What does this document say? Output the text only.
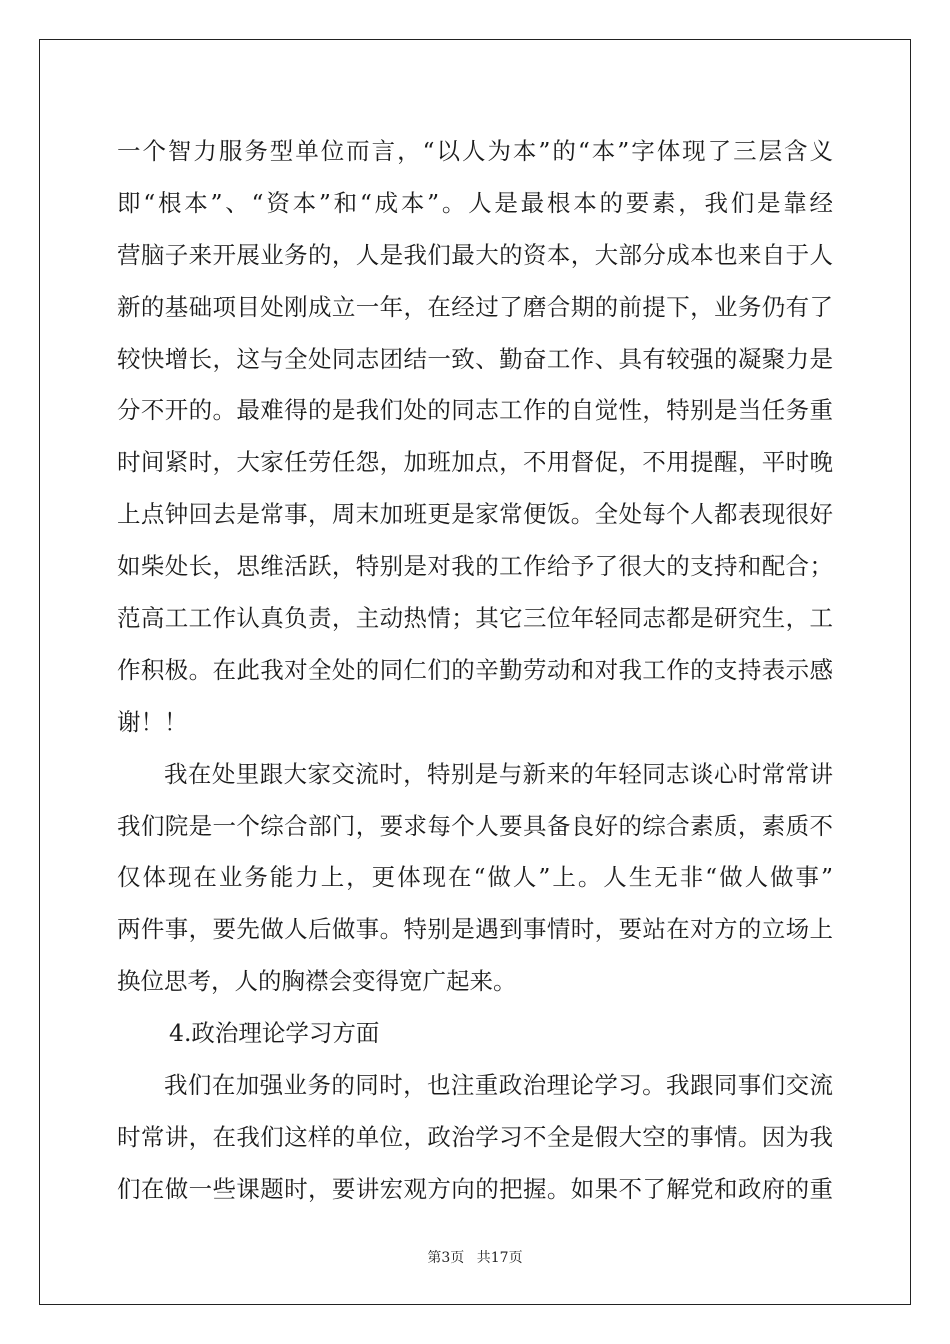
一个智力服务型单位而言，“以人为本”的“本”字体现了三层含义
即“根本”、“资本”和“成本”。人是最根本的要素，我们是靠经
营脑子来开展业务的，人是我们最大的资本，大部分成本也来自于人
新的基础项目处刚成立一年，在经过了磨合期的前提下，业务仍有了
较快增长，这与全处同志团结一致、勤奋工作、具有较强的凝聚力是
分不开的。最难得的是我们处的同志工作的自觉性，特别是当任务重
时间紧时，大家任劳任怨，加班加点，不用督促，不用提醒，平时晚
上点钟回去是常事，周末加班更是家常便饭。全处每个人都表现很好
如柴处长，思维活跃，特别是对我的工作给予了很大的支持和配合；
范高工工作认真负责，主动热情；其它三位年轻同志都是研究生，工
作积极。在此我对全处的同仁们的辛勤劳动和对我工作的支持表示感
谢！！
我在处里跟大家交流时，特别是与新来的年轻同志谈心时常常讲
我们院是一个综合部门，要求每个人要具备良好的综合素质，素质不
仅体现在业务能力上，更体现在“做人”上。人生无非“做人做事”
两件事，要先做人后做事。特别是遇到事情时，要站在对方的立场上
换位思考，人的胸襟会变得宽广起来。
4.政治理论学习方面
我们在加强业务的同时，也注重政治理论学习。我跟同事们交流
时常讲，在我们这样的单位，政治学习不全是假大空的事情。因为我
们在做一些课题时，要讲宏观方向的把握。如果不了解党和政府的重
第3页 共17页
